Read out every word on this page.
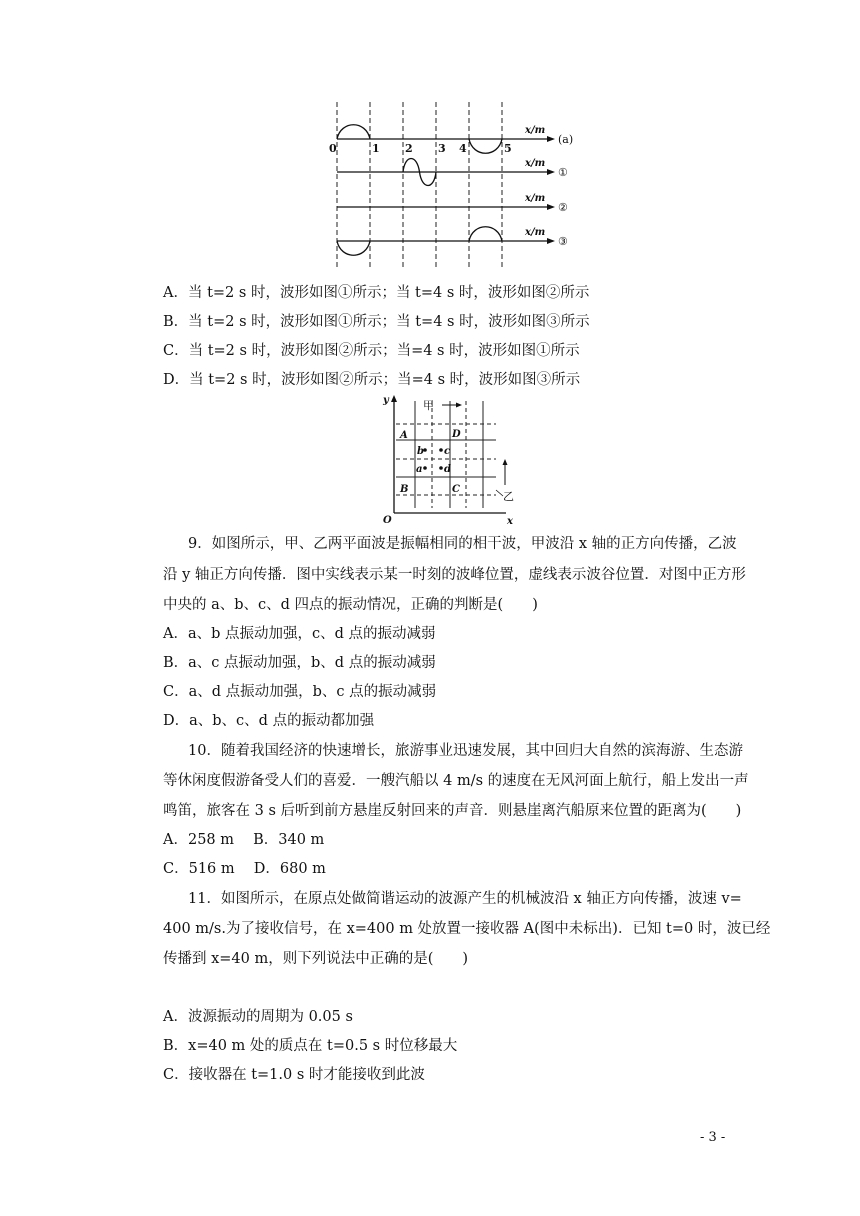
0	1 2 3 4	5
x/m
x/m
x/m
x/m
(a)
①
②
③
A．当 t=2 s 时，波形如图①所示；当 t=4 s 时，波形如图②所示
B．当 t=2 s 时，波形如图①所示；当 t=4 s 时，波形如图③所示
C．当 t=2 s 时，波形如图②所示；当=4 s 时，波形如图①所示
D．当 t=2 s 时，波形如图②所示；当=4 s 时，波形如图③所示
y
x
O
A
B	C
D
b c
a d
甲
乙
9．如图所示，甲、乙两平面波是振幅相同的相干波，甲波沿 x 轴的正方向传播，乙波
沿 y 轴正方向传播．图中实线表示某一时刻的波峰位置，虚线表示波谷位置．对图中正方形
中央的 a、b、c、d 四点的振动情况，正确的判断是(　　)
A．a、b 点振动加强，c、d 点的振动减弱
B．a、c 点振动加强，b、d 点的振动减弱
C．a、d 点振动加强，b、c 点的振动减弱
D．a、b、c、d 点的振动都加强
10．随着我国经济的快速增长，旅游事业迅速发展，其中回归大自然的滨海游、生态游
等休闲度假游备受人们的喜爱．一艘汽船以 4 m/s 的速度在无风河面上航行，船上发出一声
鸣笛，旅客在 3 s 后听到前方悬崖反射回来的声音．则悬崖离汽船原来位置的距离为(　　)
A．258 m　 B．340 m
C．516 m　 D．680 m
11．如图所示，在原点处做简谐运动的波源产生的机械波沿 x 轴正方向传播，波速 v=
400 m/s.为了接收信号，在 x=400 m 处放置一接收器 A(图中未标出)．已知 t=0 时，波已经
传播到 x=40 m，则下列说法中正确的是(　　)
A．波源振动的周期为 0.05 s
B．x=40 m 处的质点在 t=0.5 s 时位移最大
C．接收器在 t=1.0 s 时才能接收到此波
- 3 -
